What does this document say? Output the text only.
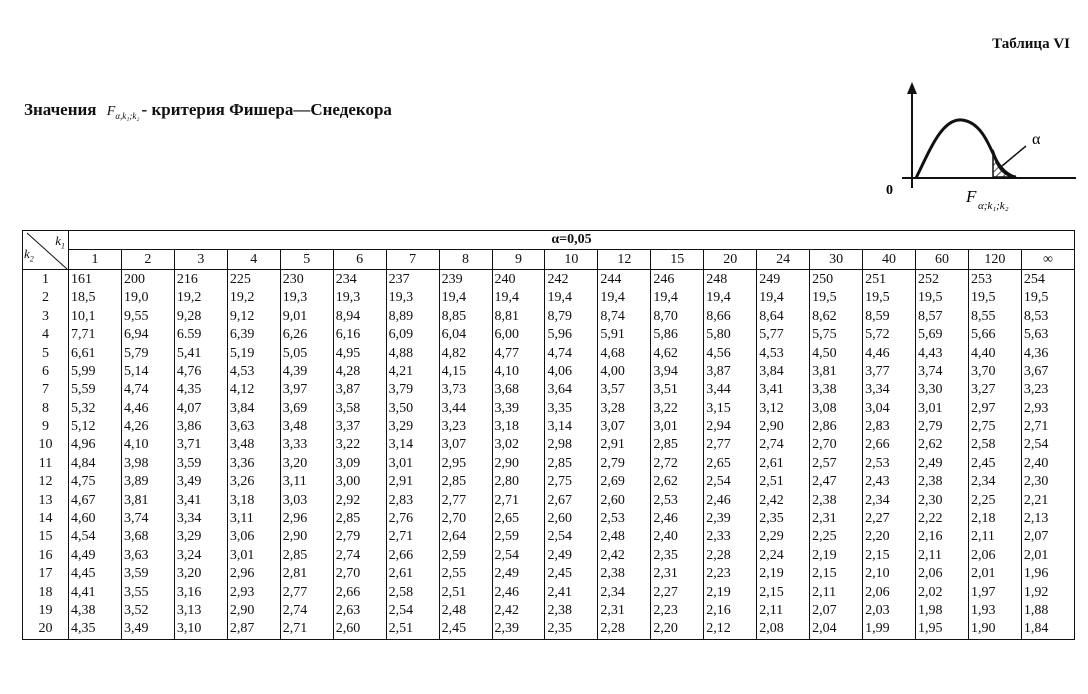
Таблица VI
Значения $F_{\alpha,k_1;k_2}$ - критерия Фишера—Снедекора
α
0	F α;k₁;k₂
$k_1$
$k_2$	α=0,05																		
	1	2	3	4	5	6	7	8	9	10	12	15	20	24	30	40	60	120	∞
1	161	200	216	225	230	234	237	239	240	242	244	246	248	249	250	251	252	253	254
2	18,5	19,0	19,2	19,2	19,3	19,3	19,3	19,4	19,4	19,4	19,4	19,4	19,4	19,4	19,5	19,5	19,5	19,5	19,5
3	10,1	9,55	9,28	9,12	9,01	8,94	8,89	8,85	8,81	8,79	8,74	8,70	8,66	8,64	8,62	8,59	8,57	8,55	8,53
4	7,71	6,94	6.59	6,39	6,26	6,16	6,09	6,04	6,00	5,96	5,91	5,86	5,80	5,77	5,75	5,72	5,69	5,66	5,63
5	6,61	5,79	5,41	5,19	5,05	4,95	4,88	4,82	4,77	4,74	4,68	4,62	4,56	4,53	4,50	4,46	4,43	4,40	4,36
6	5,99	5,14	4,76	4,53	4,39	4,28	4,21	4,15	4,10	4,06	4,00	3,94	3,87	3,84	3,81	3,77	3,74	3,70	3,67
7	5,59	4,74	4,35	4,12	3,97	3,87	3,79	3,73	3,68	3,64	3,57	3,51	3,44	3,41	3,38	3,34	3,30	3,27	3,23
8	5,32	4,46	4,07	3,84	3,69	3,58	3,50	3,44	3,39	3,35	3,28	3,22	3,15	3,12	3,08	3,04	3,01	2,97	2,93
9	5,12	4,26	3,86	3,63	3,48	3,37	3,29	3,23	3,18	3,14	3,07	3,01	2,94	2,90	2,86	2,83	2,79	2,75	2,71
10	4,96	4,10	3,71	3,48	3,33	3,22	3,14	3,07	3,02	2,98	2,91	2,85	2,77	2,74	2,70	2,66	2,62	2,58	2,54
11	4,84	3,98	3,59	3,36	3,20	3,09	3,01	2,95	2,90	2,85	2,79	2,72	2,65	2,61	2,57	2,53	2,49	2,45	2,40
12	4,75	3,89	3,49	3,26	3,11	3,00	2,91	2,85	2,80	2,75	2,69	2,62	2,54	2,51	2,47	2,43	2,38	2,34	2,30
13	4,67	3,81	3,41	3,18	3,03	2,92	2,83	2,77	2,71	2,67	2,60	2,53	2,46	2,42	2,38	2,34	2,30	2,25	2,21
14	4,60	3,74	3,34	3,11	2,96	2,85	2,76	2,70	2,65	2,60	2,53	2,46	2,39	2,35	2,31	2,27	2,22	2,18	2,13
15	4,54	3,68	3,29	3,06	2,90	2,79	2,71	2,64	2,59	2,54	2,48	2,40	2,33	2,29	2,25	2,20	2,16	2,11	2,07
16	4,49	3,63	3,24	3,01	2,85	2,74	2,66	2,59	2,54	2,49	2,42	2,35	2,28	2,24	2,19	2,15	2,11	2,06	2,01
17	4,45	3,59	3,20	2,96	2,81	2,70	2,61	2,55	2,49	2,45	2,38	2,31	2,23	2,19	2,15	2,10	2,06	2,01	1,96
18	4,41	3,55	3,16	2,93	2,77	2,66	2,58	2,51	2,46	2,41	2,34	2,27	2,19	2,15	2,11	2,06	2,02	1,97	1,92
19	4,38	3,52	3,13	2,90	2,74	2,63	2,54	2,48	2,42	2,38	2,31	2,23	2,16	2,11	2,07	2,03	1,98	1,93	1,88
20	4,35	3,49	3,10	2,87	2,71	2,60	2,51	2,45	2,39	2,35	2,28	2,20	2,12	2,08	2,04	1,99	1,95	1,90	1,84
